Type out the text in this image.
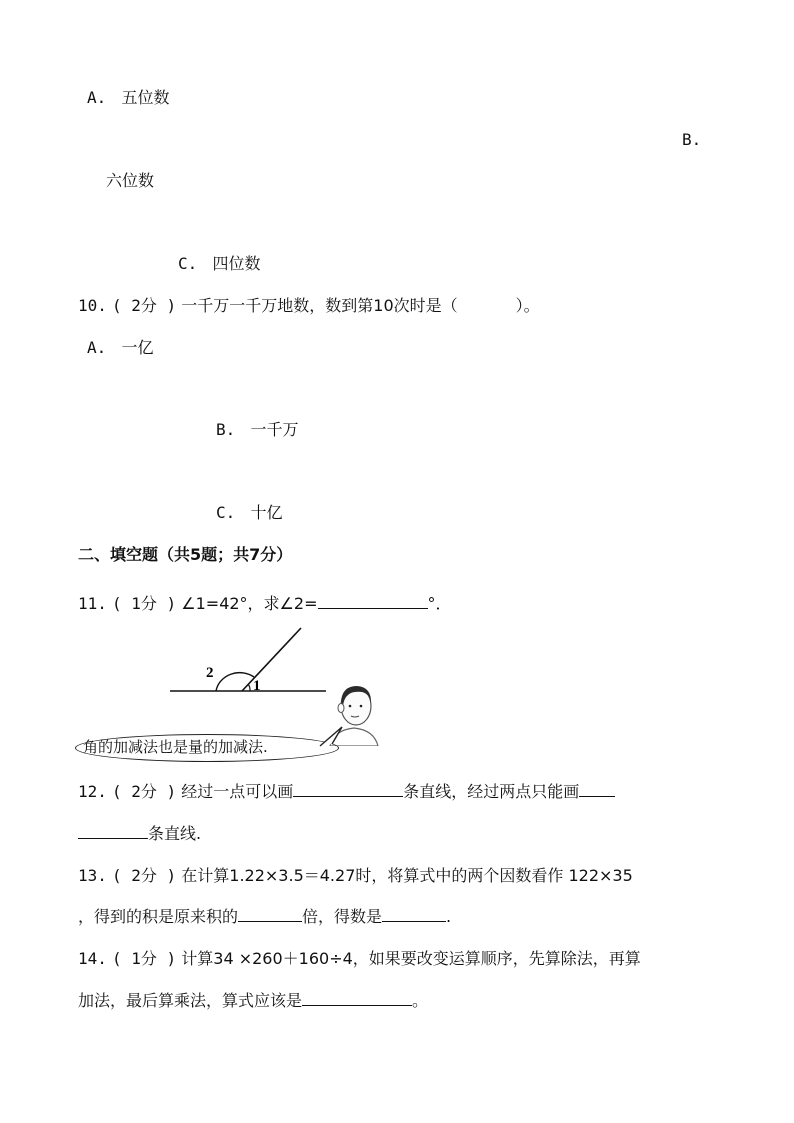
A. 五位数
B.
六位数
C. 四位数
10. ( 2分 ) 一千万一千万地数，数到第10次时是（	）。
A. 一亿
B. 一千万
C. 十亿
二、填空题（共5题；共7分）
11. ( 1分 ) ∠1=42°，求∠2=	°．
2
1
角的加减法也是量的加减法.
12. ( 2分 ) 经过一点可以画	条直线，经过两点只能画
条直线.
13. ( 2分 ) 在计算1.22×3.5＝4.27时，将算式中的两个因数看作 122×35
，得到的积是原来积的	倍，得数是	.
14. ( 1分 ) 计算34 ×260＋160÷4，如果要改变运算顺序，先算除法，再算
加法，最后算乘法，算式应该是	。
